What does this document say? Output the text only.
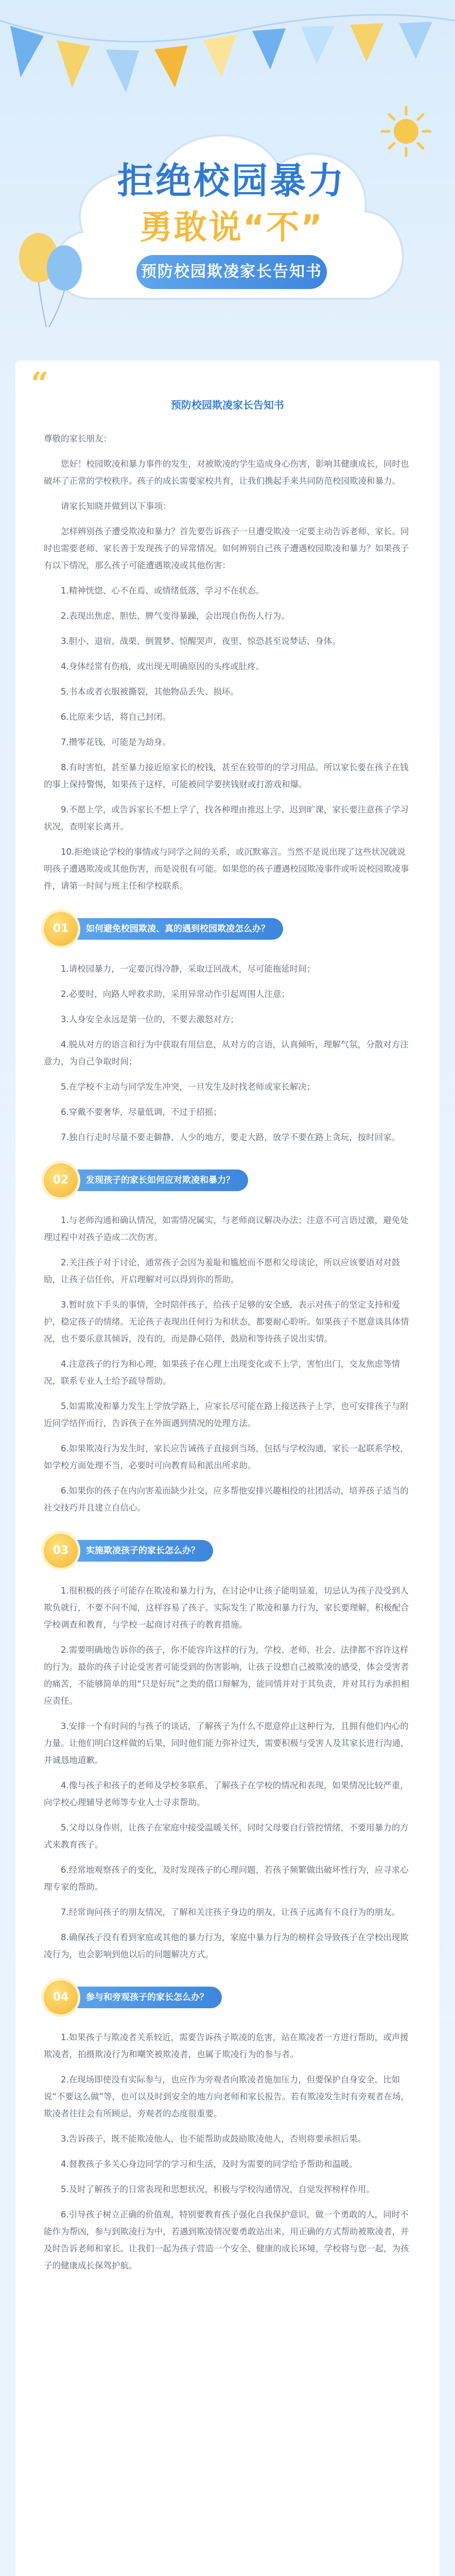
拒绝校园暴力
勇敢说“不”
预防校园欺凌家长告知书
“
预防校园欺凌家长告知书

尊敬的家长朋友：

您好！校园欺凌和暴力事件的发生，对被欺凌的学生造成身心伤害，影响其健康成长，同时也破坏了正常的学校秩序。孩子的成长需要家校共育，让我们携起手来共同防范校园欺凌和暴力。

请家长知晓并做到以下事项：

怎样辨别孩子遭受欺凌和暴力？首先要告诉孩子一旦遭受欺凌一定要主动告诉老师、家长。同时也需要老师、家长善于发现孩子的异常情况。如何辨别自己孩子遭遇校园欺凌和暴力？如果孩子有以下情况，那么孩子可能遭遇欺凌或其他伤害：

1.精神恍惚、心不在焉、或情绪低落，学习不在状态。

2.表现出焦虑、胆怯、脾气变得暴躁，会出现自伤伤人行为。

3.胆小、退宿、战栗、倒置梦、惊醒哭声，夜里、惊恐甚至说梦话、身体。

4.身体经常有伤痕，或出现无明确原因的头疼或肚疼。

5.书本或者衣服被撕裂，其他物品丢失、损坏。

6.比原来少话，将自己封闭。

7.攒零花钱，可能是为劫身。

8.有时害怕，甚至暴力接近原家长的校钱，甚至在较带的的学习用品。所以家长要在孩子在钱的事上保持警惕，如果孩子这样，可能被同学要挟钱财或打游戏和爆。

9.不愿上学，或告诉家长不想上学了，找各种理由推迟上学、迟到旷课，家长要注意孩子学习状况，查明家长离开。

10.拒绝谈论学校的事情或与同学之间的关系，或沉默寡言。当然不是说出现了这些状况就说明孩子遭遇欺凌或其他伤害，而是说很有可能。如果您的孩子遭遇校园欺凌事件或听说校园欺凌事件，请第一时间与班主任和学校联系。

如何避免校园欺凌、真的遇到校园欺凌怎么办？
01

1.请校园暴力，一定要沉得冷静，采取迂回战术，尽可能拖延时间；

2.必要时，向路人呼救求助，采用异常动作引起周围人注意；

3.人身安全永远是第一位的，不要去激怒对方；

4.脱从对方的语言和行为中获取有用信息，从对方的言语，认真倾听，理解气氛，分散对方注意力，为自己争取时间；

5.在学校不主动与同学发生冲突，一旦发生及时找老师或家长解决；

6.穿戴不要奢华，尽量低调，不过于招摇；

7.独自行走时尽量不要走僻静、人少的地方，要走大路，放学不要在路上贪玩，按时回家。

发现孩子的家长如何应对欺凌和暴力？
02

1.与老师沟通和确认情况，如需情况属实，与老师商议解决办法；注意不可言语过激，避免处理过程中对孩子造成二次伤害。

2.关注孩子对于讨论，通常孩子会因为羞耻和尴尬而不愿和父母谈论，所以应该要语对对鼓励，让孩子信任你，开启理解对可以得到你的帮助。

3.暂时放下手头的事情，全时陪伴孩子，给孩子足够的安全感，表示对孩子的坚定支持和爱护，稳定孩子的情绪。无论孩子表现出任何行为和状态，都要耐心聆听。如果孩子不愿意谈具体情况，也不要乐意其倾诉，没有的，而是静心陪伴，鼓励和等待孩子说出实情。

4.注意孩子的行为和心理，如果孩子在心理上出现变化或不上学，害怕出门，交友焦虑等情况，联系专业人士给予疏导帮助。

5.如需欺凌和暴力发生上学放学路上，应家长尽可能在路上接送孩子上学，也可安排孩子与附近同学结伴而行，告诉孩子在外面遇到情况的处理方法。

6.如果欺凌行为发生时，家长应告诫孩子直接到当场，包括与学校沟通，家长一起联系学校，如学校方面处理不当，必要时可向教育局和派出所求助。

6.如果你的孩子在内向害羞而缺少社交，应多帮他安排兴趣相投的社团活动，培养孩子适当的社交技巧并且建立自信心。

实施欺凌孩子的家长怎么办？
03

1.很积极的孩子可能存在欺凌和暴力行为，在讨论中让孩子能明显羞，切忌认为孩子没受到人欺负就行，不要不问不闻，这样容易了孩子。实际发生了欺凌和暴力行为，家长要理解，积极配合学校调查和教育，与学校一起商讨对孩子的教育措施。

2.需要明确地告诉你的孩子，你不能容许这样的行为，学校、老师、社会、法律都不容许这样的行为。最你的孩子讨论受害者可能受到的伤害影响，让孩子设想自己被欺凌的感受，体会受害者的痛苦，不能够简单的用“只是好玩”之类的借口辩解为，能同情并对于其负责，并对其行为承担相应责任。

3.安排一个有时间的与孩子的谈话，了解孩子为什么不愿意停止这种行为，且拥有他们内心的力量。让他们明白这样做的后果，同时他们能力弥补过失，需要积极与受害人及其家长进行沟通，并诚恳地道歉。

4.像与孩子和孩子的老师及学校多联系，了解孩子在学校的情况和表现，如果情况比较严重，向学校心理辅导老师等专业人士寻求帮助。

5.父母以身作则，让孩子在家庭中接受温暖关怀，同时父母要自行管控情绪，不要用暴力的方式来教育孩子。

6.经常地观察孩子的变化，及时发现孩子的心理问题，若孩子频繁做出破坏性行为，应寻求心理专家的帮助。

7.经常询问孩子的朋友情况，了解和关注孩子身边的朋友，让孩子远离有不良行为的朋友。

8.确保孩子没有看到家庭或其他的暴力行为，家庭中暴力行为的榜样会导致孩子在学校出现欺凌行为，也会影响到他以后的问题解决方式。

参与和旁观孩子的家长怎么办？
04

1.如果孩子与欺凌者关系较近，需要告诉孩子欺凌的危害，站在欺凌者一方进行帮助，或声援欺凌者，拍摄欺凌行为和嘲笑被欺凌者，也属于欺凌行为的参与者。

2.在现场即使没有实际参与，也应作为旁观者向欺凌者施加压力，但要保护自身安全，比如说“不要这么做”等，也可以及时到安全的地方向老师和家长报告。若有欺凌发生时有旁观者在场，欺凌者往往会有所顾忌，旁观者的态度很重要。

3.告诉孩子，既不能欺凌他人，也不能帮助或鼓励欺凌他人，否则将要承担后果。

4.督教孩子多关心身边同学的学习和生活，及时为需要的同学给予帮助和温暖。

5.及时了解孩子的日常表现和思想状况，积极与学校沟通情况，自觉发挥榜样作用。

6.引导孩子树立正确的价值观，特别要教育孩子强化自我保护意识，做一个勇敢的人，同时不能作为帮凶，参与到欺凌行为中，若遇到欺凌情况要勇敢站出来，用正确的方式帮助被欺凌者，并及时告诉老师和家长。让我们一起为孩子营造一个安全、健康的成长环境，学校将与您一起，为孩子的健康成长保驾护航。
